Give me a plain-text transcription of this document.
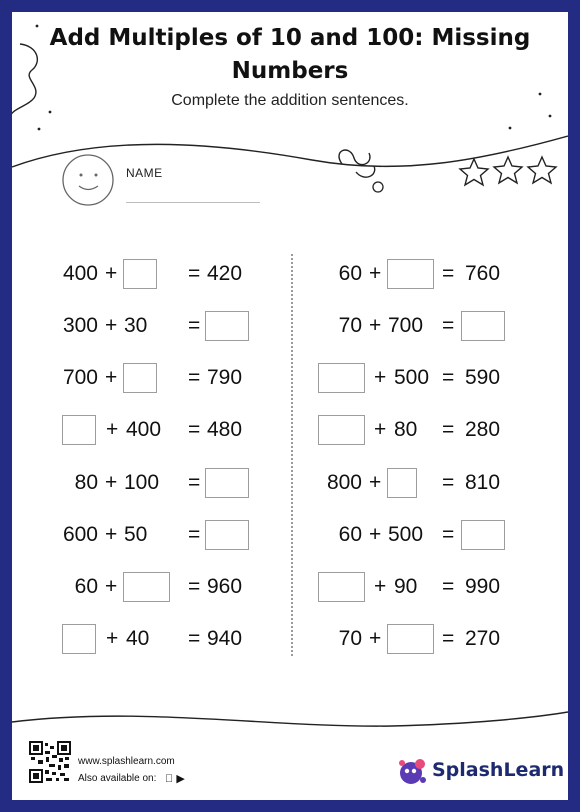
Add Multiples of 10 and 100: Missing
Numbers
Complete the addition sentences.
NAME
400 +	= 420
300 + 30 =
700 +	= 790
+ 400 = 480
80 + 100 =
600 + 50 =
60 +	= 960
+ 40 = 940
60 +	= 760
70 + 700 =
+ 500 = 590
+ 80 = 280
800 +	= 810
60 + 500 =
+ 90 = 990
70 +	= 270
www.splashlearn.com
Also available on: ▶	SplashLearn
